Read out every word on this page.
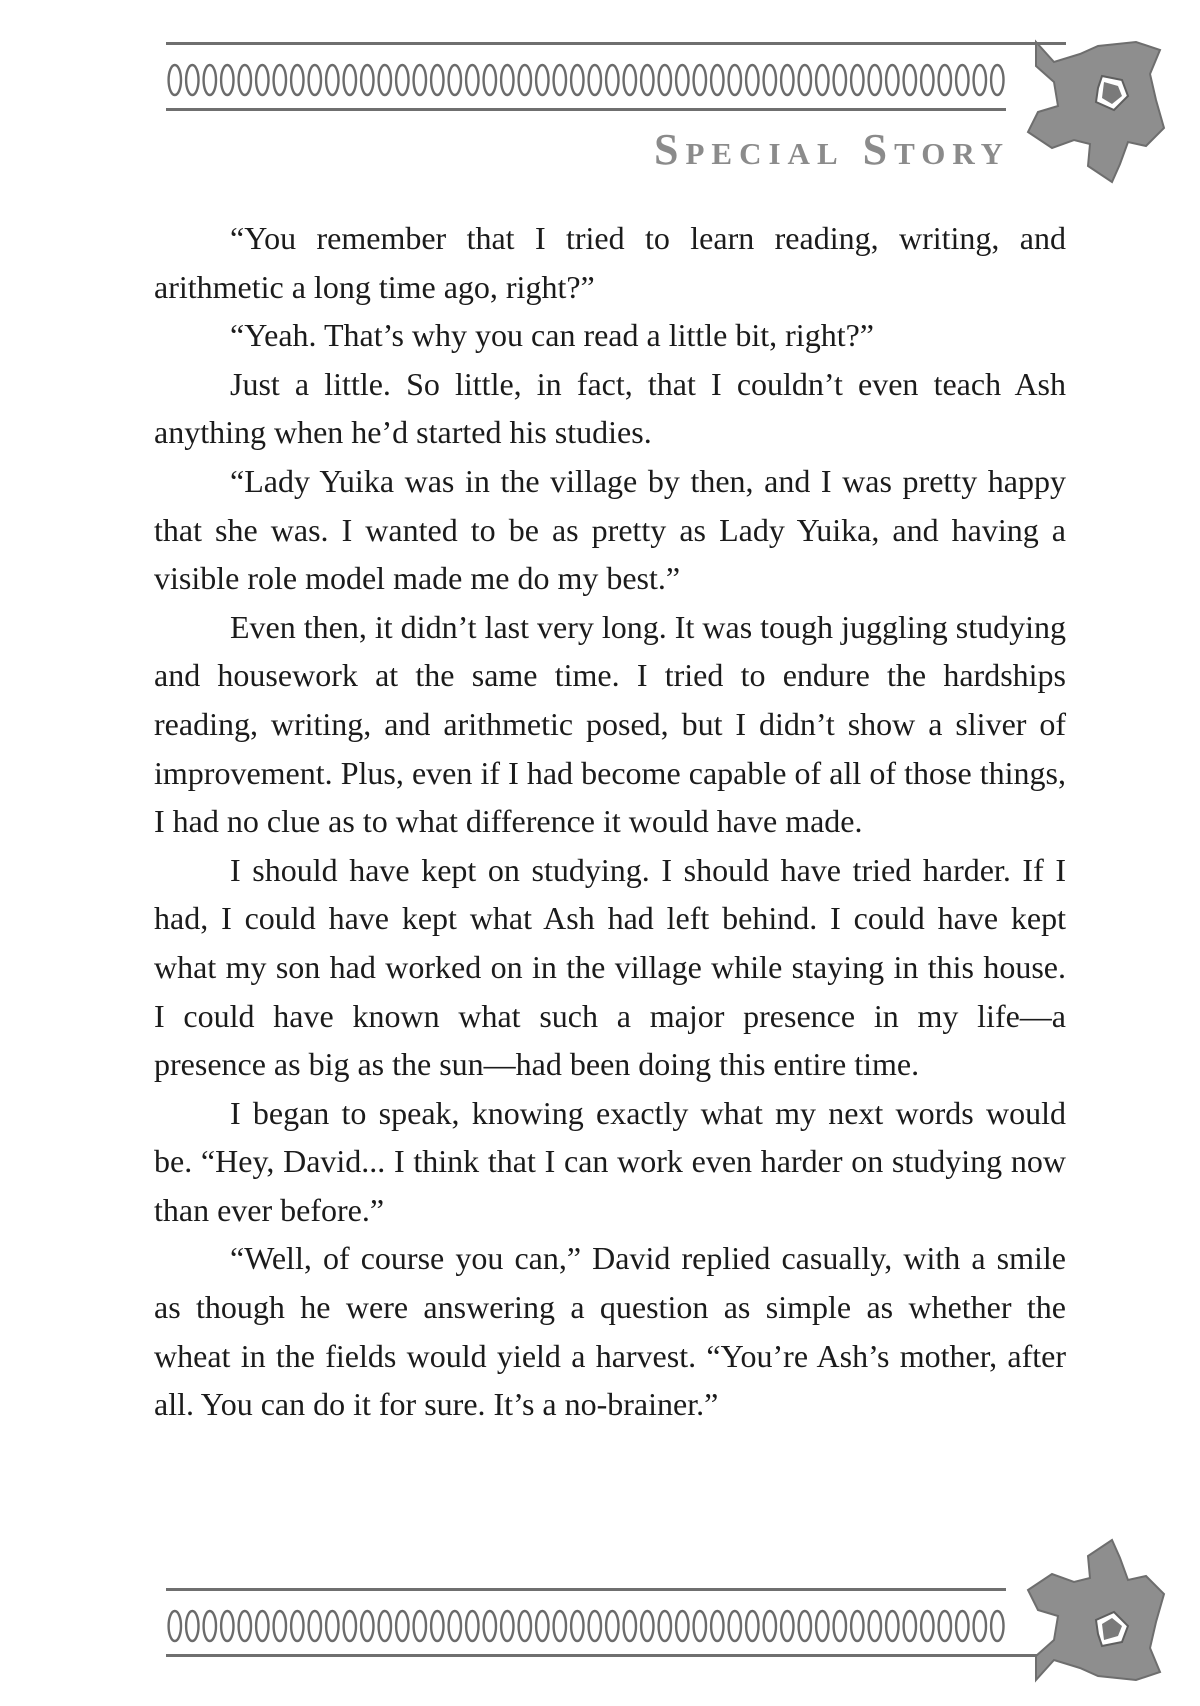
Special Story

“You remember that I tried to learn reading, writing, and arithmetic a long time ago, right?”

“Yeah. That’s why you can read a little bit, right?”

Just a little. So little, in fact, that I couldn’t even teach Ash anything when he’d started his studies.

“Lady Yuika was in the village by then, and I was pretty happy that she was. I wanted to be as pretty as Lady Yuika, and having a visible role model made me do my best.”

Even then, it didn’t last very long. It was tough juggling studying and housework at the same time. I tried to endure the hardships reading, writing, and arithmetic posed, but I didn’t show a sliver of improvement. Plus, even if I had become capable of all of those things, I had no clue as to what difference it would have made.

I should have kept on studying. I should have tried harder. If I had, I could have kept what Ash had left behind. I could have kept what my son had worked on in the village while staying in this house. I could have known what such a major presence in my life—a presence as big as the sun—had been doing this entire time.

I began to speak, knowing exactly what my next words would be. “Hey, David... I think that I can work even harder on studying now than ever before.”

“Well, of course you can,” David replied casually, with a smile as though he were answering a question as simple as whether the wheat in the fields would yield a harvest. “You’re Ash’s mother, after all. You can do it for sure. It’s a no-brainer.”
